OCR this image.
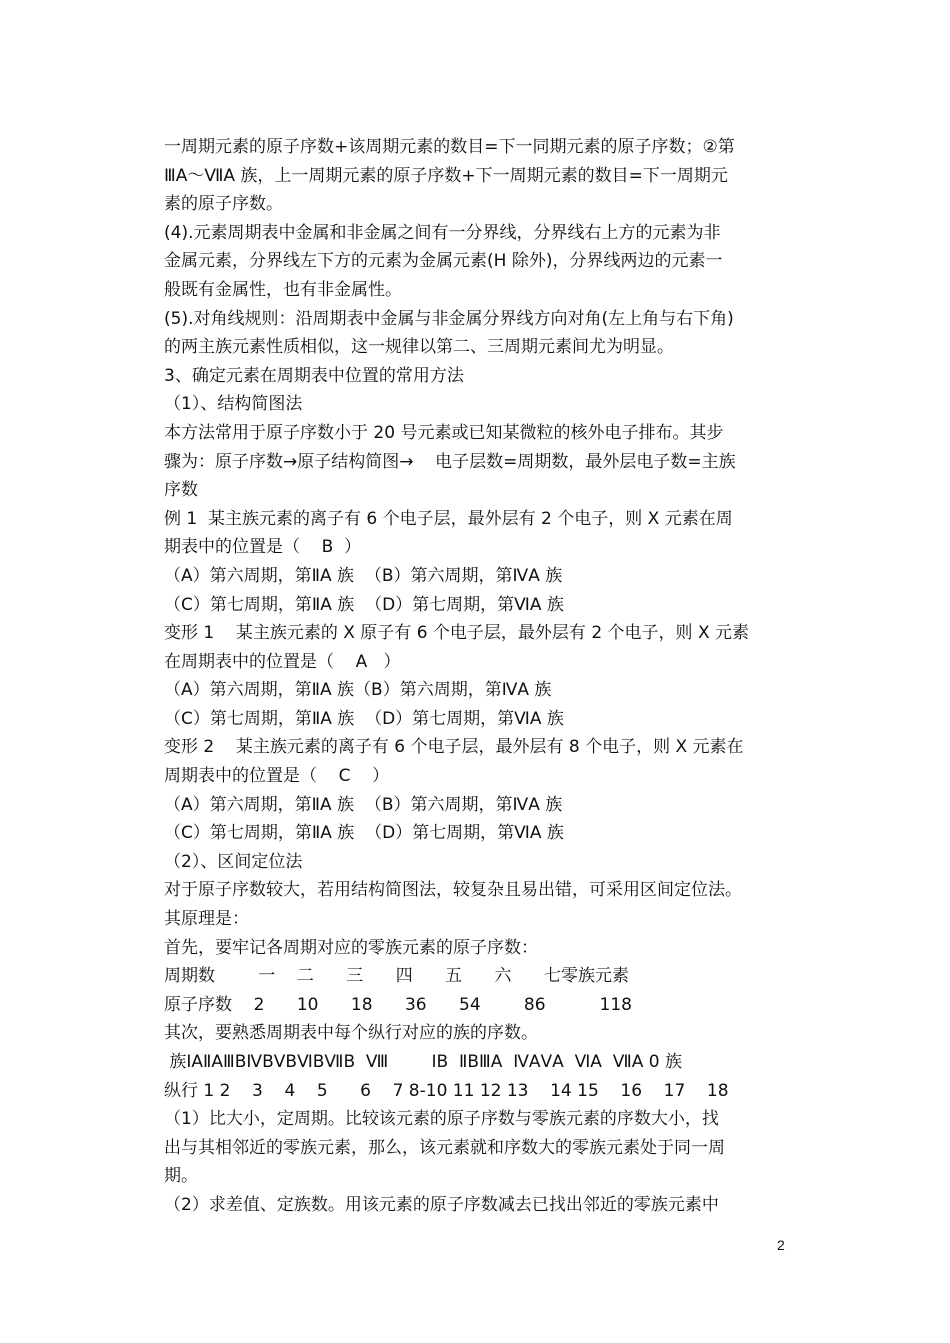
一周期元素的原子序数+该周期元素的数目=下一同期元素的原子序数；②第
ⅢA～ⅦA 族，上一周期元素的原子序数+下一周期元素的数目=下一周期元
素的原子序数。
(4).元素周期表中金属和非金属之间有一分界线，分界线右上方的元素为非
金属元素，分界线左下方的元素为金属元素(H 除外)，分界线两边的元素一
般既有金属性，也有非金属性。
(5).对角线规则：沿周期表中金属与非金属分界线方向对角(左上角与右下角)
的两主族元素性质相似，这一规律以第二、三周期元素间尤为明显。
3、确定元素在周期表中位置的常用方法
（1）、结构简图法
本方法常用于原子序数小于 20 号元素或已知某微粒的核外电子排布。其步
骤为：原子序数→原子结构简图→    电子层数=周期数，最外层电子数=主族
序数
例 1  某主族元素的离子有 6 个电子层，最外层有 2 个电子，则 X 元素在周
期表中的位置是（    B  ）
（A）第六周期，第ⅡA 族  （B）第六周期，第ⅣA 族
（C）第七周期，第ⅡA 族  （D）第七周期，第ⅥA 族
变形 1    某主族元素的 X 原子有 6 个电子层，最外层有 2 个电子，则 X 元素
在周期表中的位置是（    A   ）
（A）第六周期，第ⅡA 族（B）第六周期，第ⅣA 族
（C）第七周期，第ⅡA 族  （D）第七周期，第ⅥA 族
变形 2    某主族元素的离子有 6 个电子层，最外层有 8 个电子，则 X 元素在
周期表中的位置是（    C    ）
（A）第六周期，第ⅡA 族  （B）第六周期，第ⅣA 族
（C）第七周期，第ⅡA 族  （D）第七周期，第ⅥA 族
（2）、区间定位法
对于原子序数较大，若用结构简图法，较复杂且易出错，可采用区间定位法。
其原理是：
首先，要牢记各周期对应的零族元素的原子序数：
周期数        一    二      三      四      五      六      七零族元素
原子序数    2      10      18      36      54        86          118
其次，要熟悉周期表中每个纵行对应的族的序数。
族ⅠAⅡAⅢBⅣBⅤBⅥBⅦB  Ⅷ        ⅠB  ⅡBⅢA  ⅣAⅤA  ⅥA  ⅦA 0 族
纵行 1 2    3    4    5      6    7 8-10 11 12 13    14 15    16    17    18
（1）比大小，定周期。比较该元素的原子序数与零族元素的序数大小，找
出与其相邻近的零族元素，那么，该元素就和序数大的零族元素处于同一周
期。
（2）求差值、定族数。用该元素的原子序数减去已找出邻近的零族元素中
2
